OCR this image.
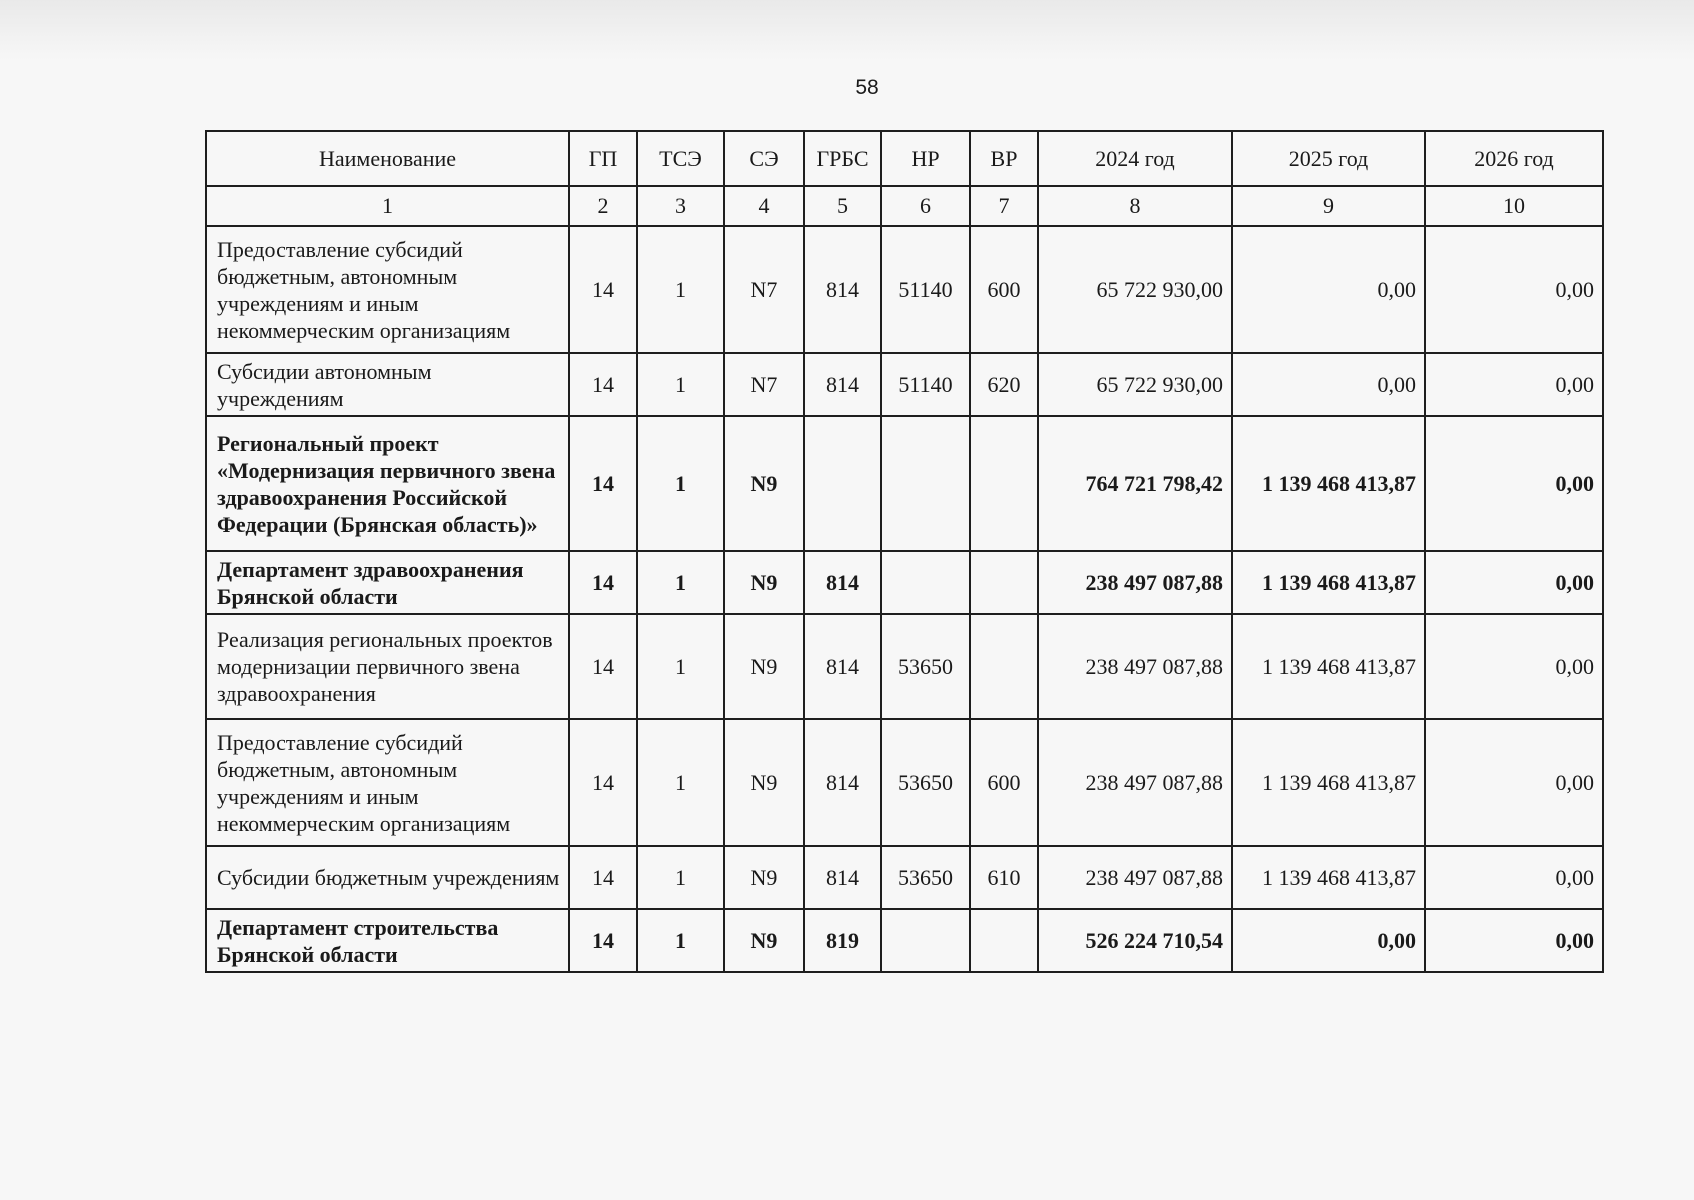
58
Наименование	ГП	ТСЭ	СЭ	ГРБС	НР	ВР	2024 год	2025 год	2026 год
1	2	3	4	5	6	7	8	9	10
Предоставление субсидий бюджетным, автономным учреждениям и иным некоммерческим организациям	14	1	N7	814	51140	600	65 722 930,00	0,00	0,00
Субсидии автономным учреждениям	14	1	N7	814	51140	620	65 722 930,00	0,00	0,00
Региональный проект «Модернизация первичного звена здравоохранения Российской Федерации (Брянская область)»	14	1	N9				764 721 798,42	1 139 468 413,87	0,00
Департамент здравоохранения Брянской области	14	1	N9	814			238 497 087,88	1 139 468 413,87	0,00
Реализация региональных проектов модернизации первичного звена здравоохранения	14	1	N9	814	53650		238 497 087,88	1 139 468 413,87	0,00
Предоставление субсидий бюджетным, автономным учреждениям и иным некоммерческим организациям	14	1	N9	814	53650	600	238 497 087,88	1 139 468 413,87	0,00
Субсидии бюджетным учреждениям	14	1	N9	814	53650	610	238 497 087,88	1 139 468 413,87	0,00
Департамент строительства Брянской области	14	1	N9	819			526 224 710,54	0,00	0,00
